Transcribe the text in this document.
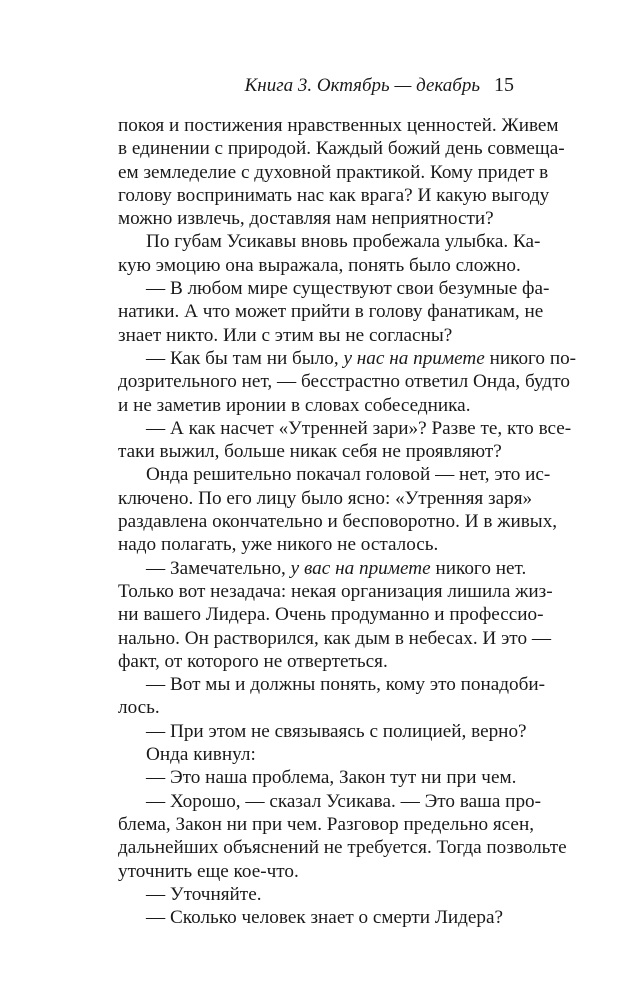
Книга 3. Октябрь — декабрь 15
покоя и постижения нравственных ценностей. Живем
в единении с природой. Каждый божий день совмеща-
ем земледелие с духовной практикой. Кому придет в
голову воспринимать нас как врага? И какую выгоду
можно извлечь, доставляя нам неприятности?
По губам Усикавы вновь пробежала улыбка. Ка-
кую эмоцию она выражала, понять было сложно.
— В любом мире существуют свои безумные фа-
натики. А что может прийти в голову фанатикам, не
знает никто. Или с этим вы не согласны?
— Как бы там ни было, у нас на примете никого по-
дозрительного нет, — бесстрастно ответил Онда, будто
и не заметив иронии в словах собеседника.
— А как насчет «Утренней зари»? Разве те, кто все-
таки выжил, больше никак себя не проявляют?
Онда решительно покачал головой — нет, это ис-
ключено. По его лицу было ясно: «Утренняя заря»
раздавлена окончательно и бесповоротно. И в живых,
надо полагать, уже никого не осталось.
— Замечательно, у вас на примете никого нет.
Только вот незадача: некая организация лишила жиз-
ни вашего Лидера. Очень продуманно и профессио-
нально. Он растворился, как дым в небесах. И это —
факт, от которого не отвертеться.
— Вот мы и должны понять, кому это понадоби-
лось.
— При этом не связываясь с полицией, верно?
Онда кивнул:
— Это наша проблема, Закон тут ни при чем.
— Хорошо, — сказал Усикава. — Это ваша про-
блема, Закон ни при чем. Разговор предельно ясен,
дальнейших объяснений не требуется. Тогда позвольте
уточнить еще кое-что.
— Уточняйте.
— Сколько человек знает о смерти Лидера?
